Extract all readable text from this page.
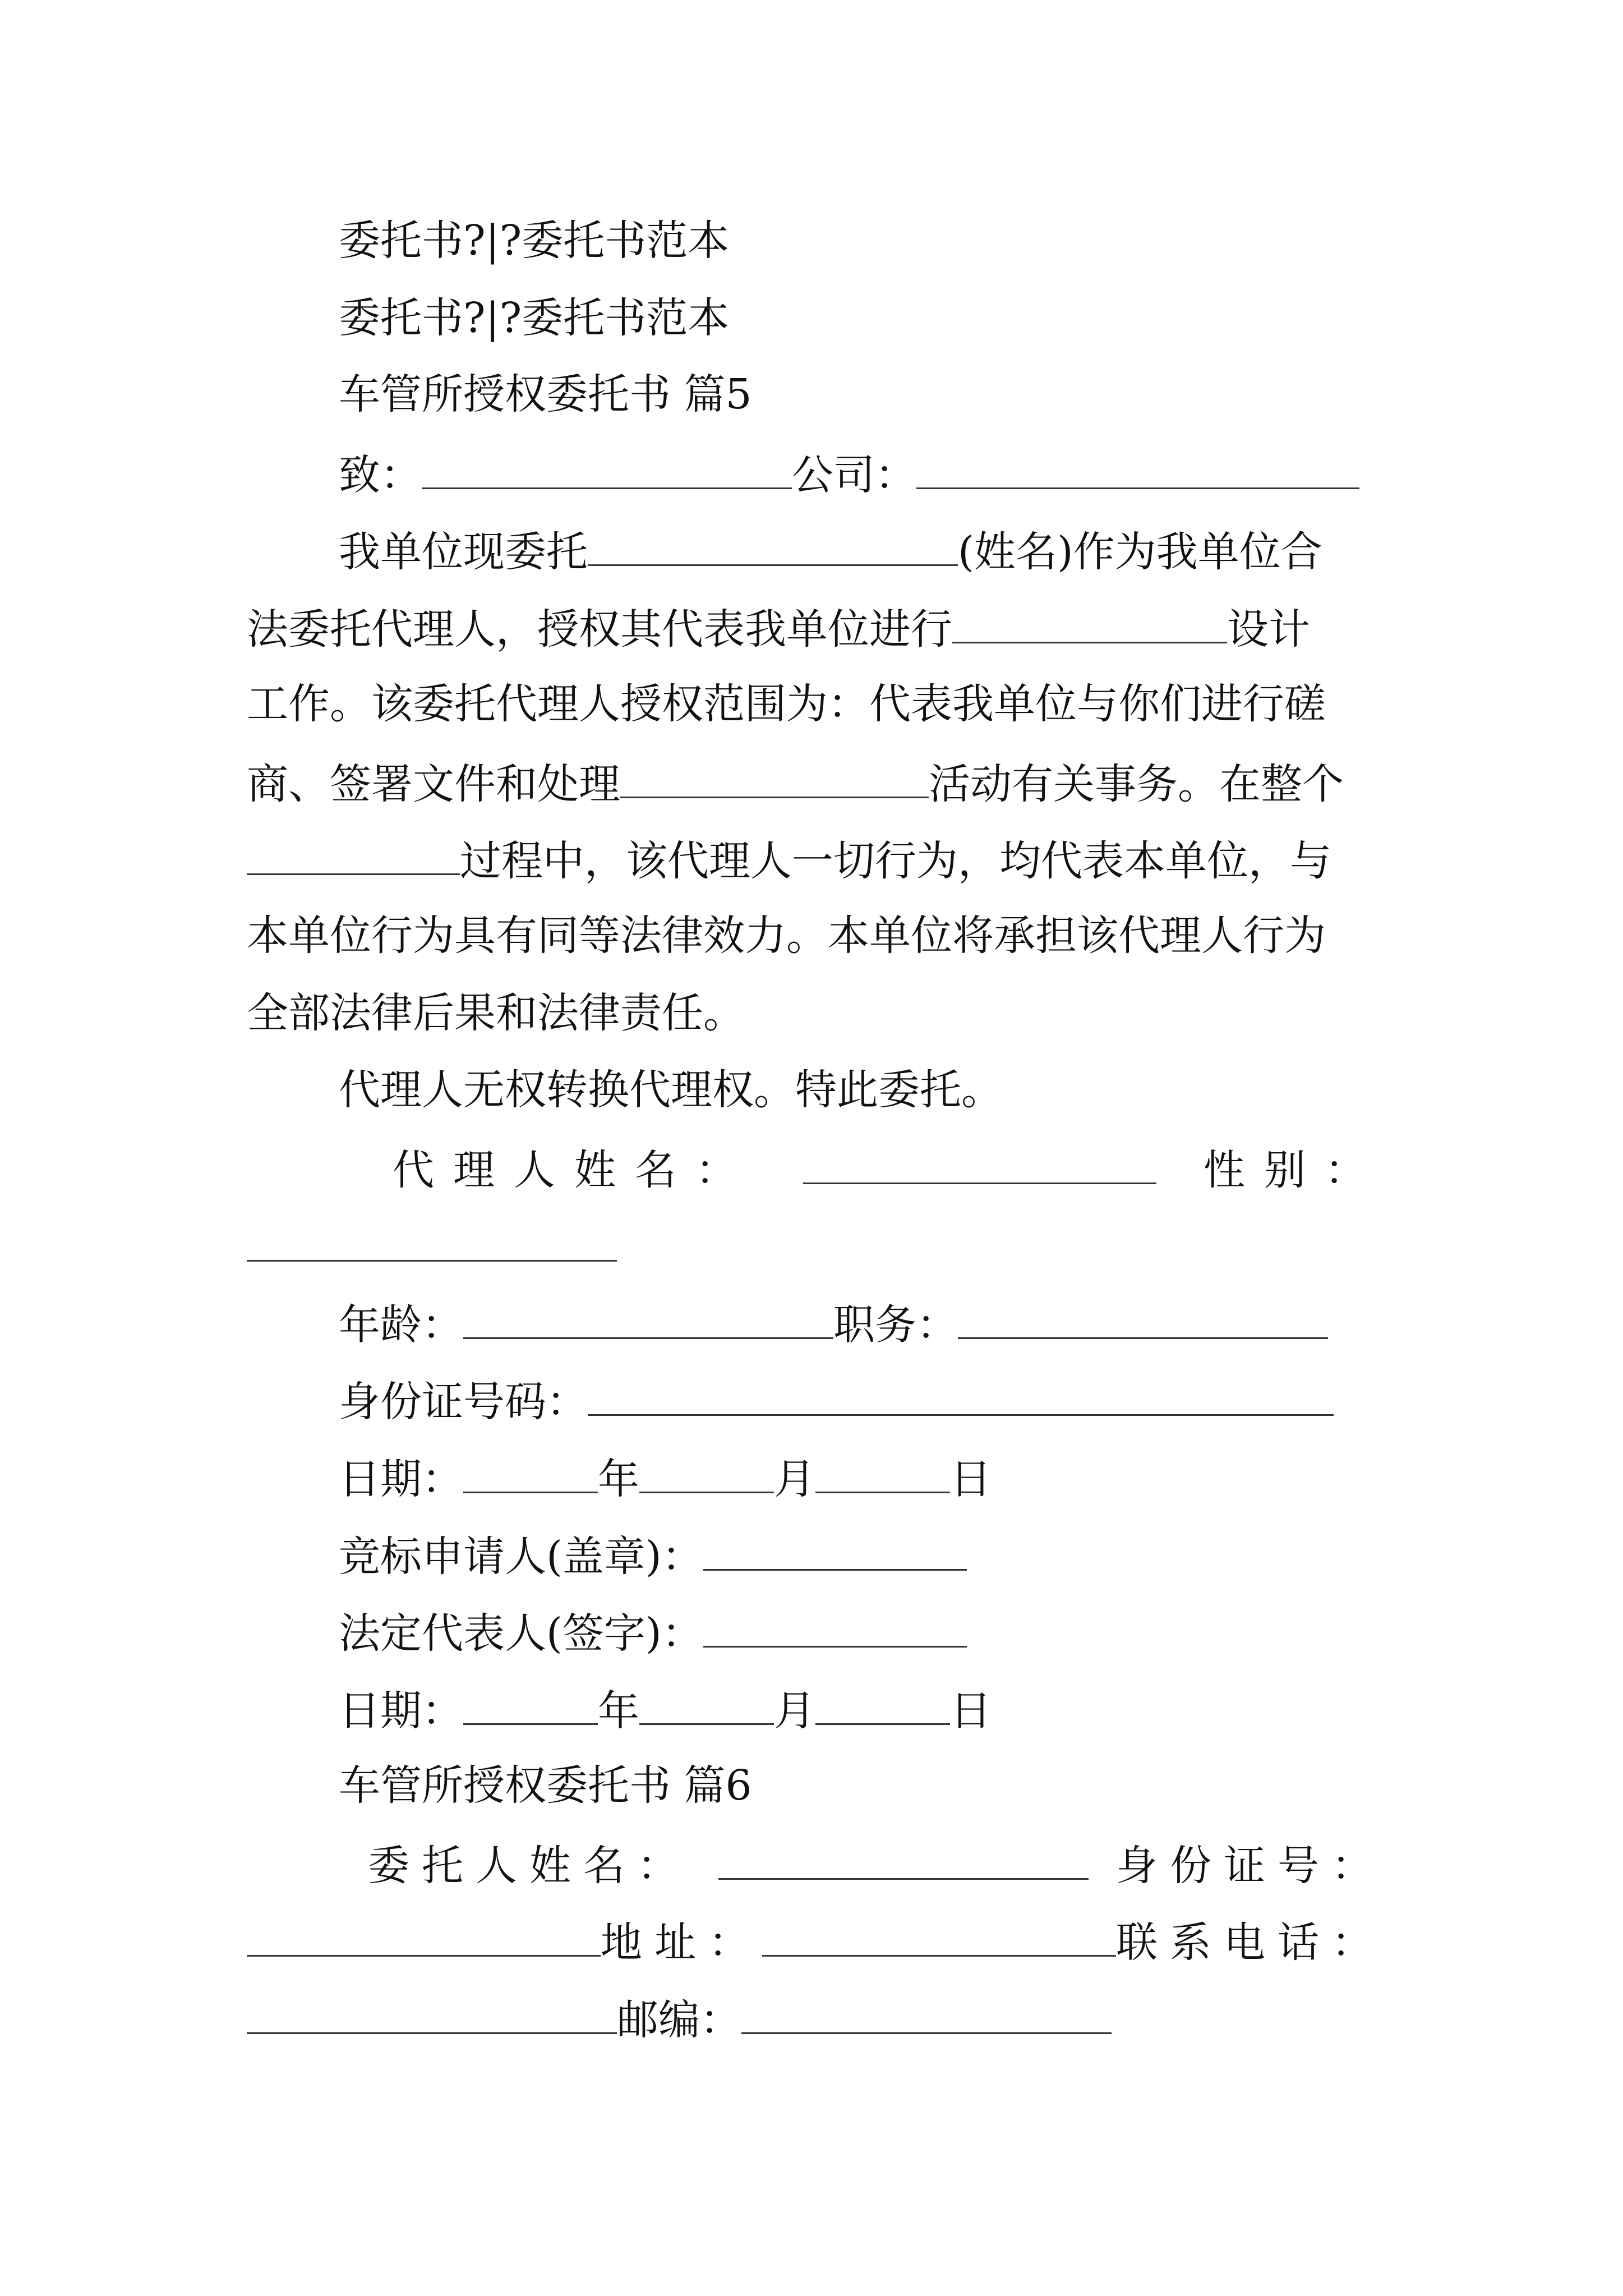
委托书?|?委托书范本
委托书?|?委托书范本
车管所授权委托书 篇5
致：	公司：
我单位现委托	(姓名)作为我单位合
法委托代理人，授权其代表我单位进行	设计
工作。该委托代理人授权范围为：代表我单位与你们进行磋
商、签署文件和处理	活动有关事务。在整个
过程中，该代理人一切行为，均代表本单位，与
本单位行为具有同等法律效力。本单位将承担该代理人行为
全部法律后果和法律责任。
代理人无权转换代理权。特此委托。
代理人姓名：	性别：
年龄：	职务：
身份证号码：
日期：	年	月	日
竞标申请人(盖章)：
法定代表人(签字)：
日期：	年	月	日
车管所授权委托书 篇6
委托人姓名：	身份证号：
地址：	联系电话：
邮编：
